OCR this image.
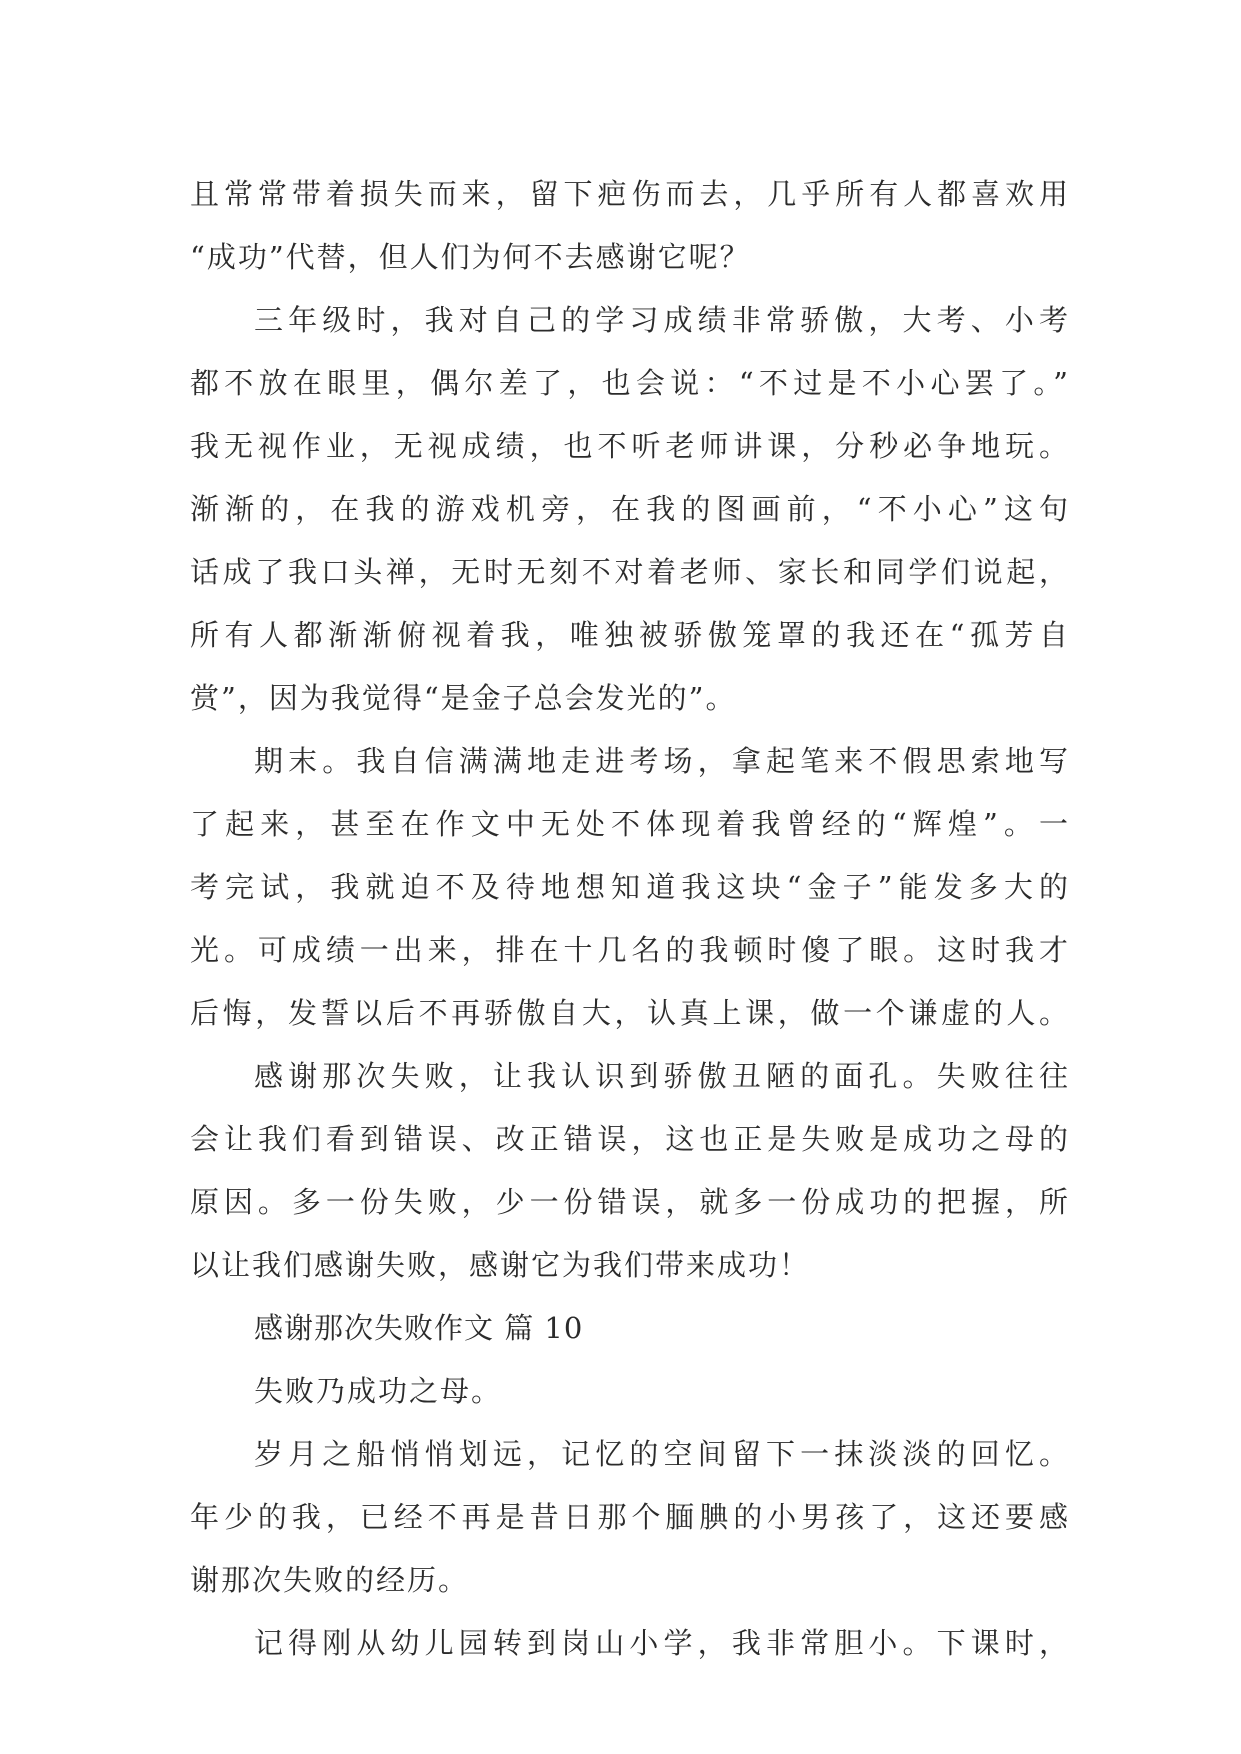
且常常带着损失而来，留下疤伤而去，几乎所有人都喜欢用
“成功”代替，但人们为何不去感谢它呢？
三年级时，我对自己的学习成绩非常骄傲，大考、小考
都不放在眼里，偶尔差了，也会说：“不过是不小心罢了。”
我无视作业，无视成绩，也不听老师讲课，分秒必争地玩。
渐渐的，在我的游戏机旁，在我的图画前，“不小心”这句
话成了我口头禅，无时无刻不对着老师、家长和同学们说起，
所有人都渐渐俯视着我，唯独被骄傲笼罩的我还在“孤芳自
赏”，因为我觉得“是金子总会发光的”。
期末。我自信满满地走进考场，拿起笔来不假思索地写
了起来，甚至在作文中无处不体现着我曾经的“辉煌”。一
考完试，我就迫不及待地想知道我这块“金子”能发多大的
光。可成绩一出来，排在十几名的我顿时傻了眼。这时我才
后悔，发誓以后不再骄傲自大，认真上课，做一个谦虚的人。
感谢那次失败，让我认识到骄傲丑陋的面孔。失败往往
会让我们看到错误、改正错误，这也正是失败是成功之母的
原因。多一份失败，少一份错误，就多一份成功的把握，所
以让我们感谢失败，感谢它为我们带来成功！
感谢那次失败作文 篇 10
失败乃成功之母。
岁月之船悄悄划远，记忆的空间留下一抹淡淡的回忆。
年少的我，已经不再是昔日那个腼腆的小男孩了，这还要感
谢那次失败的经历。
记得刚从幼儿园转到岗山小学，我非常胆小。下课时，
